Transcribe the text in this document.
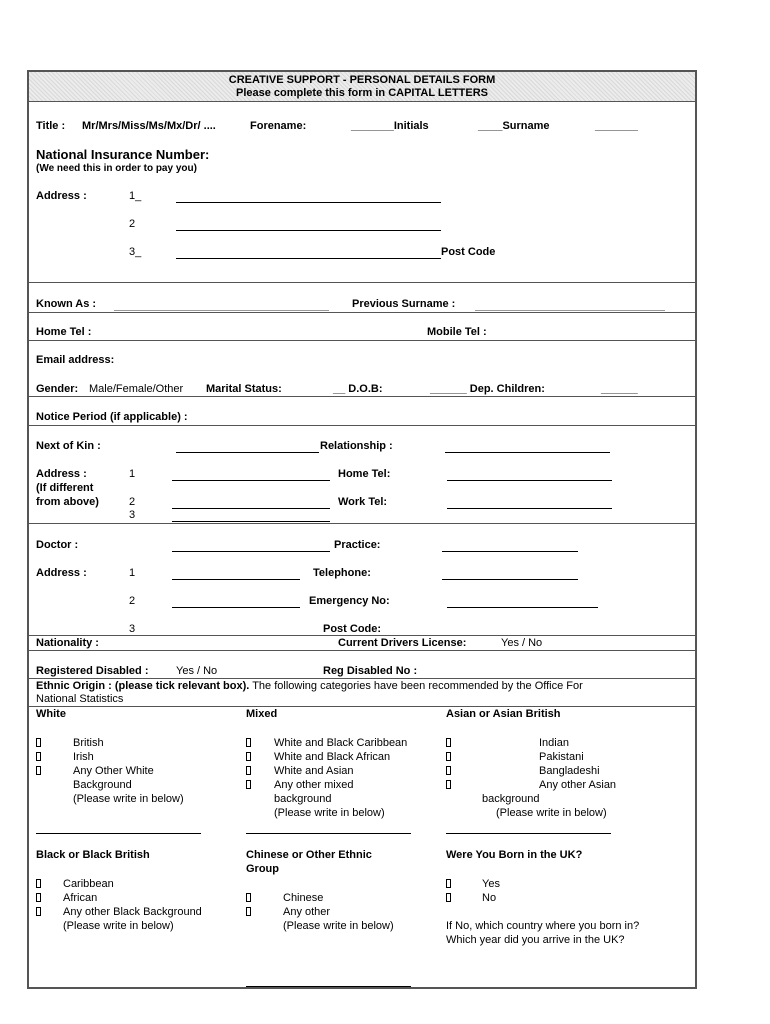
CREATIVE SUPPORT - PERSONAL DETAILS FORM
Please complete this form in CAPITAL LETTERS
Title : Mr/Mrs/Miss/Ms/Mx/Dr/ ....	Forename:	_______Initials	____Surname	_______
National Insurance Number:
(We need this in order to pay you)
Address :	1_
2
3_	Post Code
Known As :	Previous Surname :
Home Tel :	Mobile Tel :
Email address:
Gender: Male/Female/Other Marital Status:	__ D.O.B:	______ Dep. Children:	______
Notice Period (if applicable) :
Next of Kin :	Relationship :
Address :	1	Home Tel:
(If different
from above)	2	Work Tel:
3
Doctor :	Practice:
Address :	1	Telephone:
2	Emergency No:
3	Post Code:
Nationality :	Current Drivers License:	Yes / No
Registered Disabled :	Yes / No	Reg Disabled No :
Ethnic Origin : (please tick relevant box). The following categories have been recommended by the Office For
National Statistics
White
British
Irish
Any Other White
Background
(Please write in below)
Mixed
White and Black Caribbean
White and Black African
White and Asian
Any other mixed
background
(Please write in below)
Asian or Asian British
Indian
Pakistani
Bangladeshi
Any other Asian
background
(Please write in below)
Black or Black British
Caribbean
African
Any other Black Background
(Please write in below)
Chinese or Other Ethnic
Group
Chinese
Any other
(Please write in below)
Were You Born in the UK?
Yes
No
If No, which country where you born in?
Which year did you arrive in the UK?
